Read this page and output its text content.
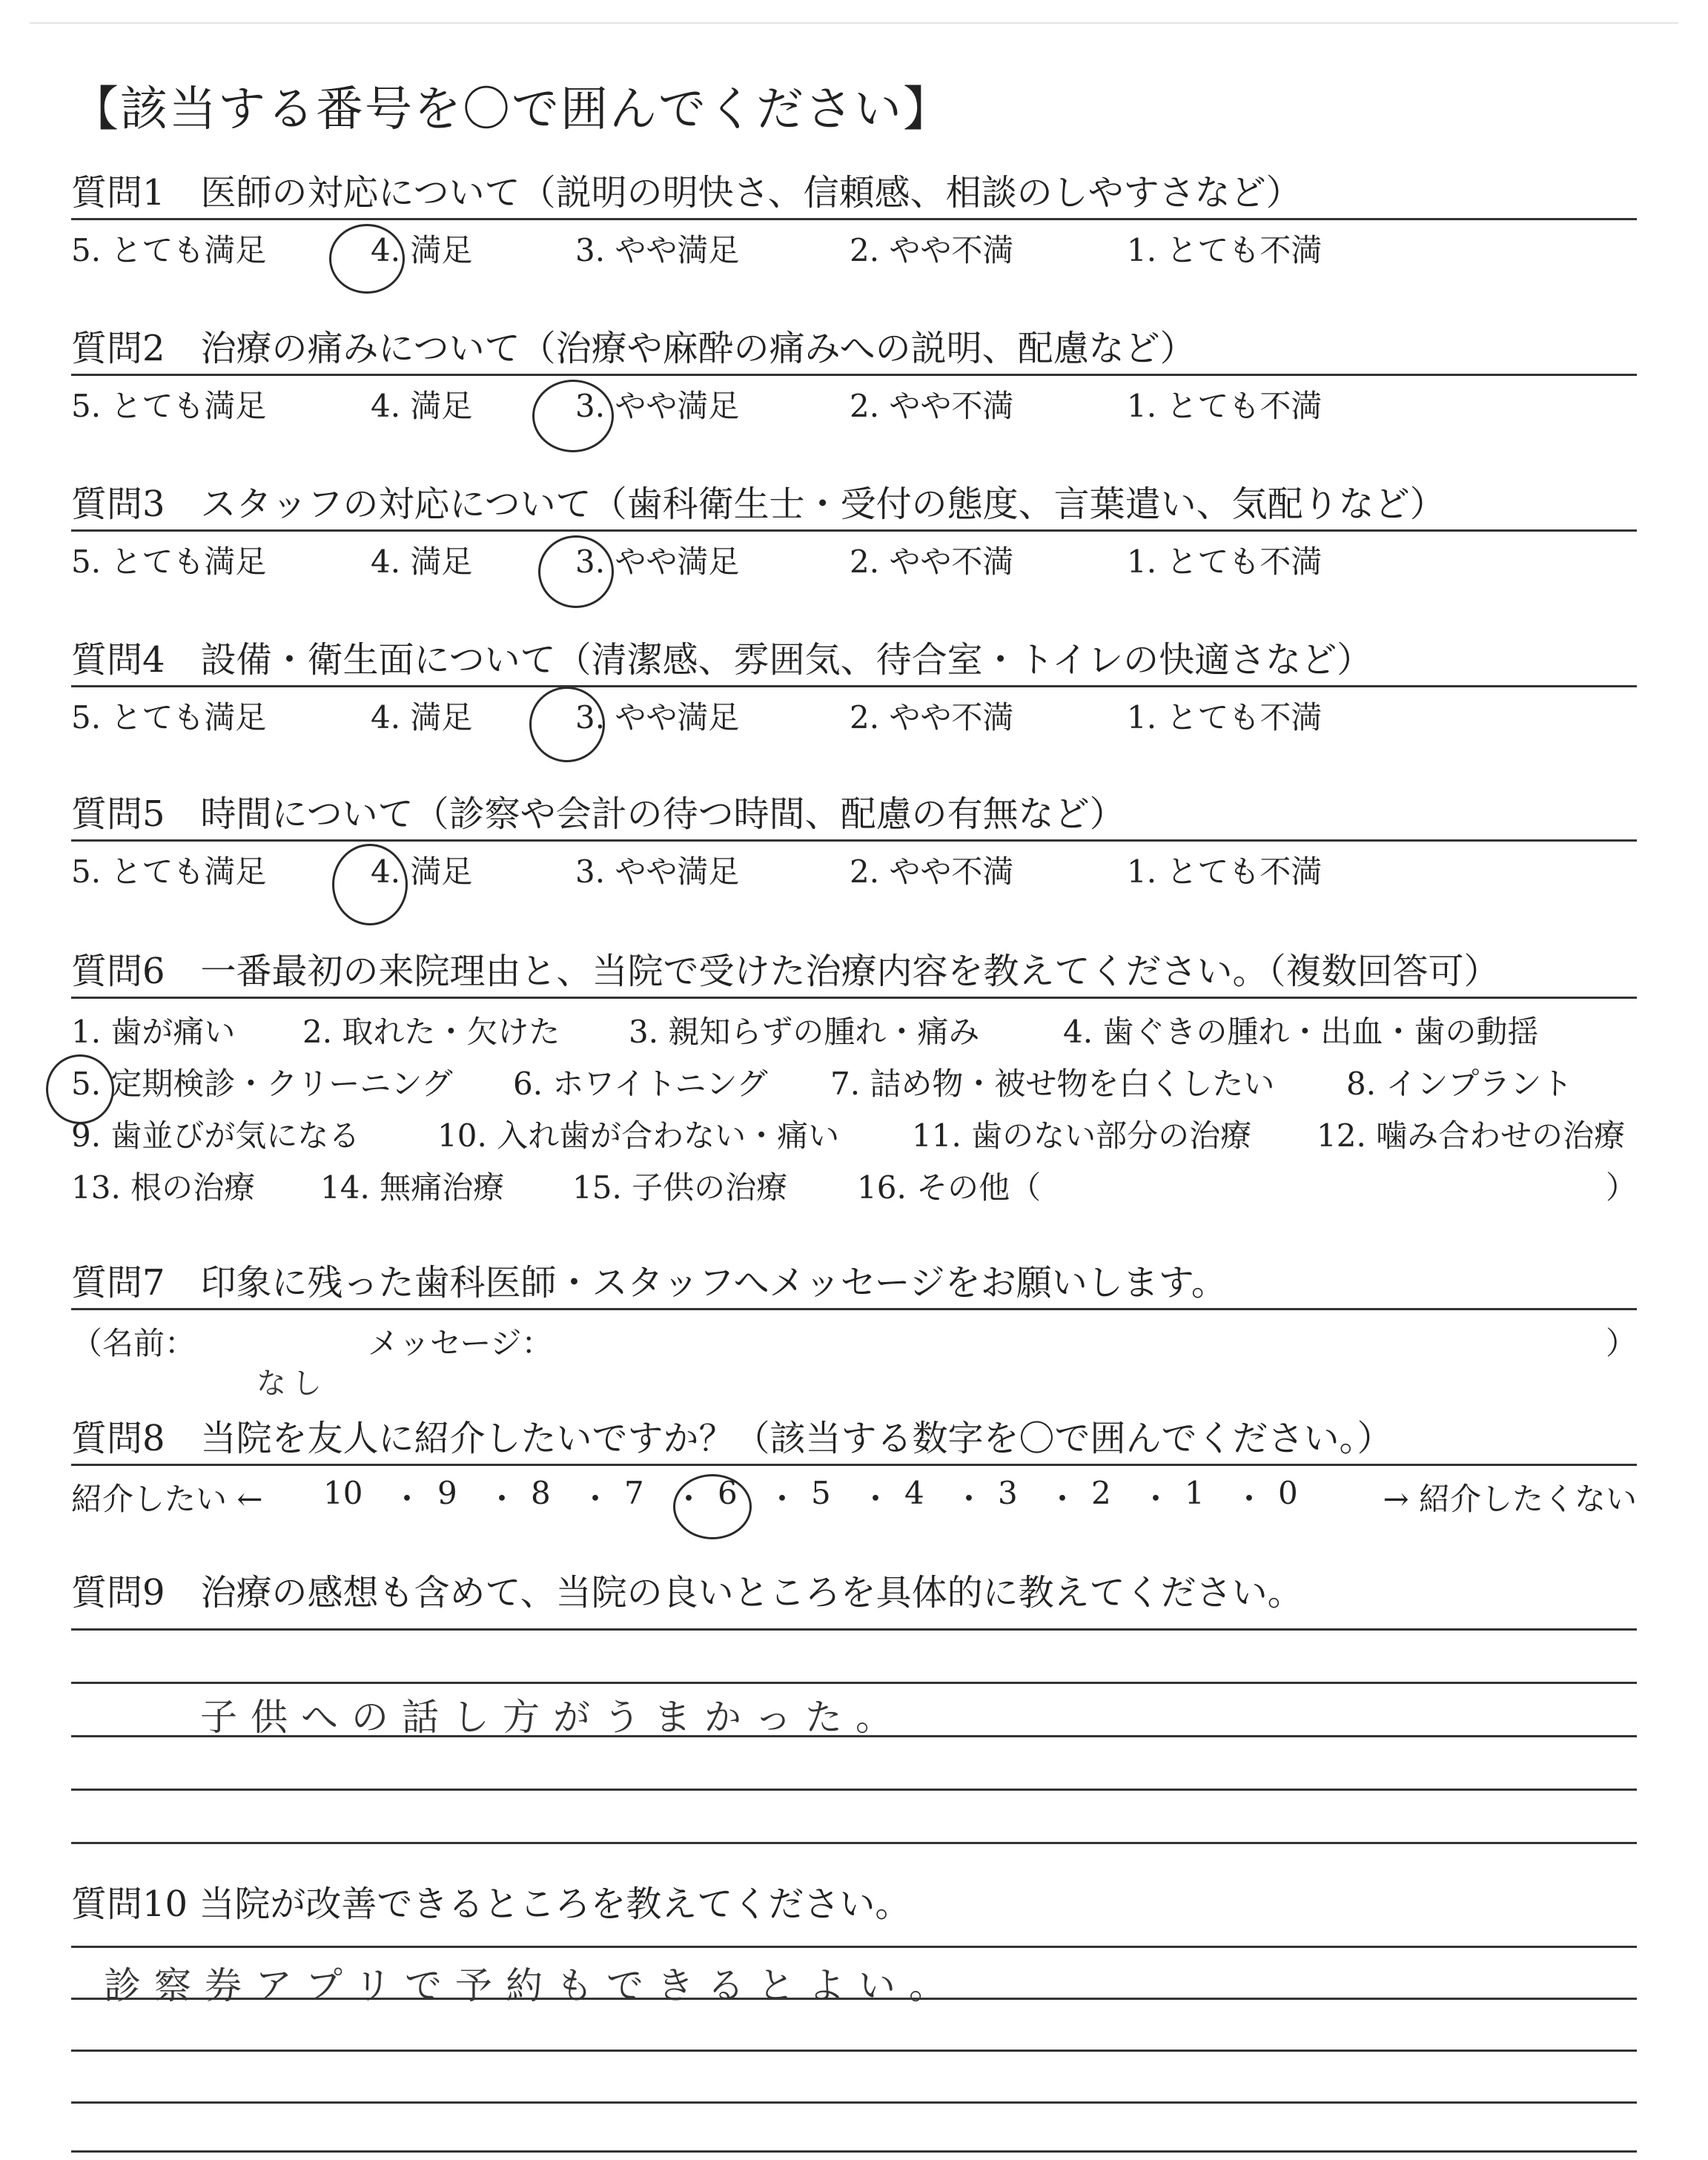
【該当する番号を〇で囲んでください】
質問1　医師の対応について（説明の明快さ、信頼感、相談のしやすさなど）
5. とても満足	4. 満足	3. やや満足	2. やや不満	1. とても不満
質問2　治療の痛みについて（治療や麻酔の痛みへの説明、配慮など）
5. とても満足	4. 満足	3. やや満足	2. やや不満	1. とても不満
質問3　スタッフの対応について（歯科衛生士・受付の態度、言葉遣い、気配りなど）
5. とても満足	4. 満足	3. やや満足	2. やや不満	1. とても不満
質問4　設備・衛生面について（清潔感、雰囲気、待合室・トイレの快適さなど）
5. とても満足	4. 満足	3. やや満足	2. やや不満	1. とても不満
質問5　時間について（診察や会計の待つ時間、配慮の有無など）
5. とても満足	4. 満足	3. やや満足	2. やや不満	1. とても不満
質問6　一番最初の来院理由と、当院で受けた治療内容を教えてください。（複数回答可）
1. 歯が痛い 2. 取れた・欠けた 3. 親知らずの腫れ・痛み	4. 歯ぐきの腫れ・出血・歯の動揺
5. 定期検診・クリーニング 6. ホワイトニング 7. 詰め物・被せ物を白くしたい 8. インプラント
9. 歯並びが気になる 10. 入れ歯が合わない・痛い 11. 歯のない部分の治療 12. 噛み合わせの治療
13. 根の治療 14. 無痛治療 15. 子供の治療 16. その他（	）
質問7　印象に残った歯科医師・スタッフへメッセージをお願いします。
（名前：	メッセージ：	）
なし
質問8　当院を友人に紹介したいですか？（該当する数字を〇で囲んでください。）
紹介したい ← 10 ・ 9 ・ 8 ・ 7 ・ 6 ・ 5 ・ 4 ・ 3 ・ 2 ・ 1 ・ 0	→ 紹介したくない
質問9　治療の感想も含めて、当院の良いところを具体的に教えてください。
子供への話し方がうまかった。
質問10 当院が改善できるところを教えてください。
診察券アプリで予約もできるとよい。
